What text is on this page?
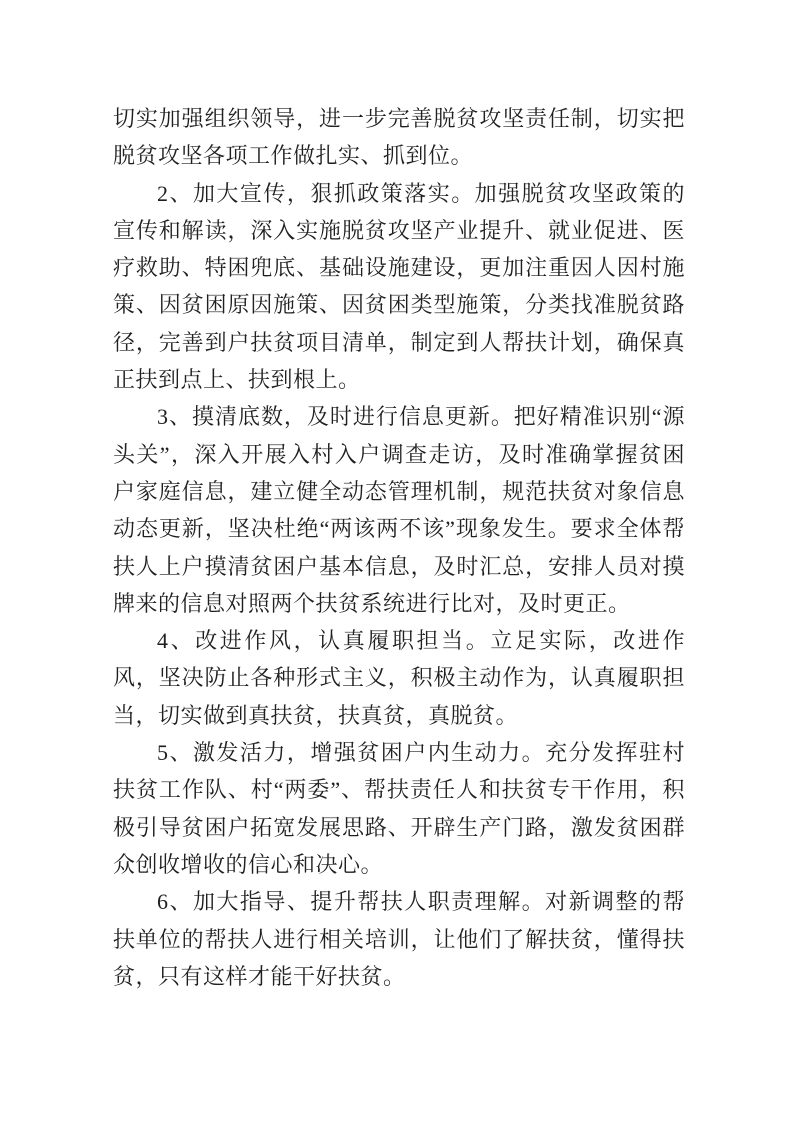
切实加强组织领导，进一步完善脱贫攻坚责任制，切实把脱贫攻坚各项工作做扎实、抓到位。

2、加大宣传，狠抓政策落实。加强脱贫攻坚政策的宣传和解读，深入实施脱贫攻坚产业提升、就业促进、医疗救助、特困兜底、基础设施建设，更加注重因人因村施策、因贫困原因施策、因贫困类型施策，分类找准脱贫路径，完善到户扶贫项目清单，制定到人帮扶计划，确保真正扶到点上、扶到根上。

3、摸清底数，及时进行信息更新。把好精准识别“源头关”，深入开展入村入户调查走访，及时准确掌握贫困户家庭信息，建立健全动态管理机制，规范扶贫对象信息动态更新，坚决杜绝“两该两不该”现象发生。要求全体帮扶人上户摸清贫困户基本信息，及时汇总，安排人员对摸牌来的信息对照两个扶贫系统进行比对，及时更正。

4、改进作风，认真履职担当。立足实际，改进作风，坚决防止各种形式主义，积极主动作为，认真履职担当，切实做到真扶贫，扶真贫，真脱贫。

5、激发活力，增强贫困户内生动力。充分发挥驻村扶贫工作队、村“两委”、帮扶责任人和扶贫专干作用，积极引导贫困户拓宽发展思路、开辟生产门路，激发贫困群众创收增收的信心和决心。

6、加大指导、提升帮扶人职责理解。对新调整的帮扶单位的帮扶人进行相关培训，让他们了解扶贫，懂得扶贫，只有这样才能干好扶贫。
